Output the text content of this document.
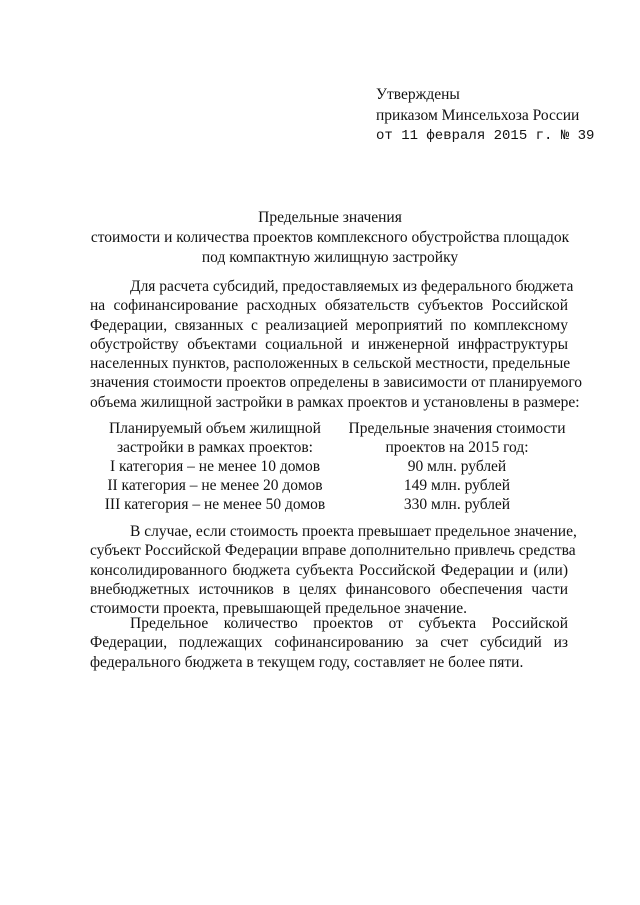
Утверждены
приказом Минсельхоза России
от 11 февраля 2015 г. № 39
Предельные значения
стоимости и количества проектов комплексного обустройства площадок
под компактную жилищную застройку
Для расчета субсидий, предоставляемых из федерального бюджета
на софинансирование расходных обязательств субъектов Российской
Федерации, связанных с реализацией мероприятий по комплексному
обустройству объектами социальной и инженерной инфраструктуры
населенных пунктов, расположенных в сельской местности, предельные
значения стоимости проектов определены в зависимости от планируемого
объема жилищной застройки в рамках проектов и установлены в размере:
Планируемый объем жилищной
застройки в рамках проектов:
I категория – не менее 10 домов
II категория – не менее 20 домов
III категория – не менее 50 домов
Предельные значения стоимости
проектов на 2015 год:
90 млн. рублей
149 млн. рублей
330 млн. рублей
В случае, если стоимость проекта превышает предельное значение,
субъект Российской Федерации вправе дополнительно привлечь средства
консолидированного бюджета субъекта Российской Федерации и (или)
внебюджетных источников в целях финансового обеспечения части
стоимости проекта, превышающей предельное значение.
Предельное количество проектов от субъекта Российской
Федерации, подлежащих софинансированию за счет субсидий из
федерального бюджета в текущем году, составляет не более пяти.
